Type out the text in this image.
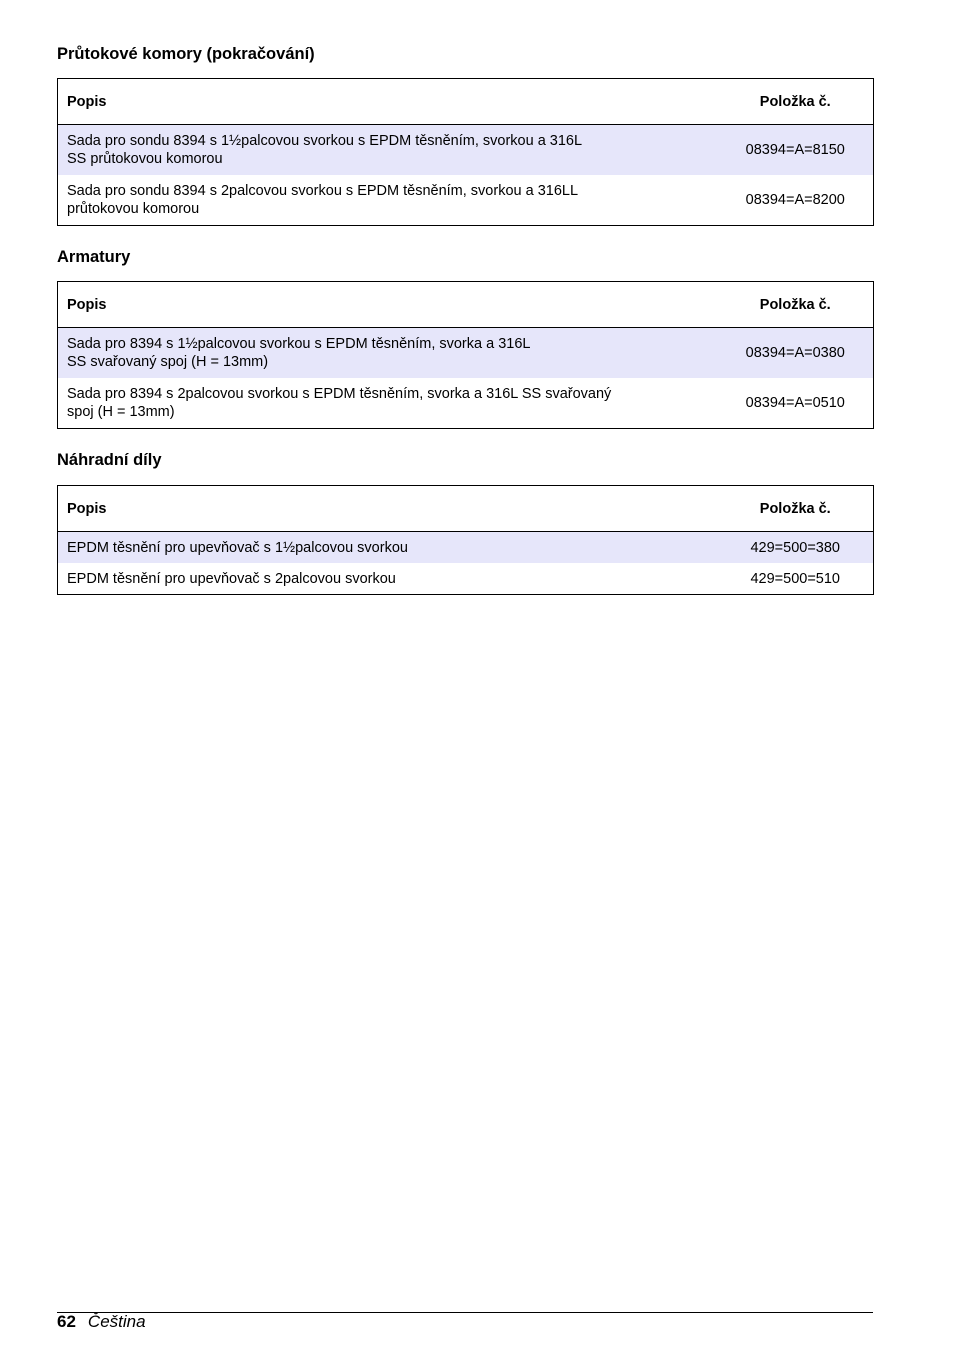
Průtokové komory (pokračování)
Popis	Položka č.
Sada pro sondu 8394 s 1½palcovou svorkou s EPDM těsněním, svorkou a 316L
SS průtokovou komorou	08394=A=8150
Sada pro sondu 8394 s 2palcovou svorkou s EPDM těsněním, svorkou a 316LL
průtokovou komorou	08394=A=8200
Armatury
Popis	Položka č.
Sada pro 8394 s 1½palcovou svorkou s EPDM těsněním, svorka a 316L
SS svařovaný spoj (H = 13mm)	08394=A=0380
Sada pro 8394 s 2palcovou svorkou s EPDM těsněním, svorka a 316L SS svařovaný
spoj (H = 13mm)	08394=A=0510
Náhradní díly
Popis	Položka č.
EPDM těsnění pro upevňovač s 1½palcovou svorkou	429=500=380
EPDM těsnění pro upevňovač s 2palcovou svorkou	429=500=510
62 Čeština
